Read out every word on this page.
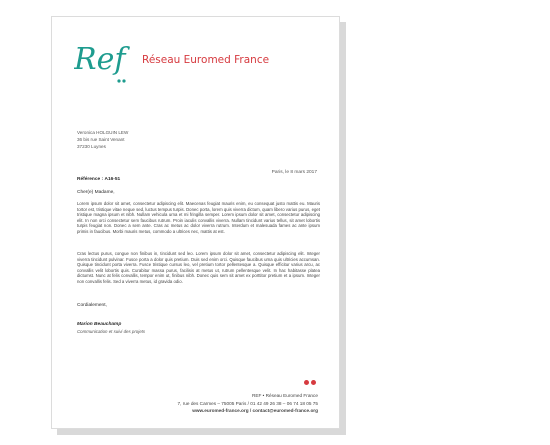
Ref	Réseau Euromed France
Veronica HOLGUIN LEW
36 bis rue Saint Venant
37230 Luynes
Paris, le 8 mars 2017
Référence : A16-51
Cher(e) Madame,
Lorem ipsum dolor sit amet, consectetur adipiscing elit. Maecenas feugiat mauris enim, eu consequat justo mattis eu. Mauris tortor est, tristique vitae neque sed, luctus tempus turpis. Donec porta, lorem quis viverra dictum, quam libero varius purus, eget tristique magna ipsum et nibh. Nullam vehicula urna et mi fringilla semper. Lorem ipsum dolor sit amet, consectetur adipiscing elit. In non orci consectetur sem faucibus rutrum. Proin iaculis convallis viverra. Nullam tincidunt varius tellus, sit amet lobortis turpis feugiat non. Donec a sem ante. Cras ac metus ac dolor viverra rutrum. Interdum et malesuada fames ac ante ipsum primis in faucibus. Morbi mauris metus, commodo a ultrices nec, mattis at est.
Cras lectus purus, congue non finibus in, tincidunt sed leo. Lorem ipsum dolor sit amet, consectetur adipiscing elit. Integer viverra tincidunt pulvinar. Fusce porta a dolor quis pretium. Duis sed enim orci. Quisque faucibus urna quis ultricies accumsan. Quisque tincidunt porta viverra. Fusce tristique cursus leo, vel pretium tortor pellentesque a. Quisque efficitur varius arcu, ac convallis velit lobortis quis. Curabitur massa purus, facilisis at metus ut, rutrum pellentesque velit. In hac habitasse platea dictumst. Nunc at felis convallis, tempor enim ut, finibus nibh. Donec quis sem sit amet ex porttitor pretium et a ipsum. Integer non convallis felis. Sed a viverra metus, id gravida odio.
Cordialement,
Marion Beauchamp
Communication et suivi des projets
REF • Réseau Euromed France
7, rue des Carmes – 75005 Paris / 01 42 49 26 38 – 06 74 18 05 75
www.euromed-france.org / contact@euromed-france.org
